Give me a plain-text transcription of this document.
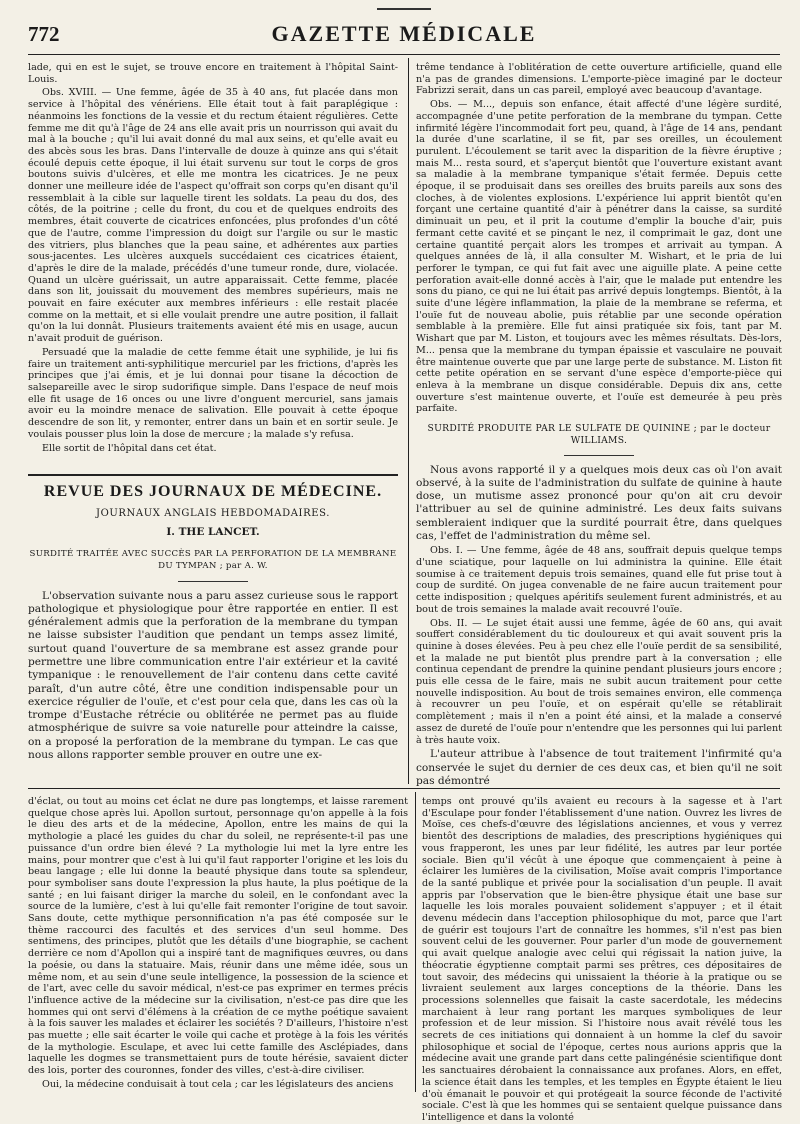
772	GAZETTE MÉDICALE

lade, qui en est le sujet, se trouve encore en traitement à l'hôpital Saint-Louis.

Obs. XVIII. — Une femme, âgée de 35 à 40 ans, fut placée dans mon service à l'hôpital des vénériens. Elle était tout à fait paraplégique : néanmoins les fonctions de la vessie et du rectum étaient régulières. Cette femme me dit qu'à l'âge de 24 ans elle avait pris un nourrisson qui avait du mal à la bouche ; qu'il lui avait donné du mal aux seins, et qu'elle avait eu des abcès sous les bras. Dans l'intervalle de douze à quinze ans qui s'était écoulé depuis cette époque, il lui était survenu sur tout le corps de gros boutons suivis d'ulcères, et elle me montra les cicatrices. Je ne peux donner une meilleure idée de l'aspect qu'offrait son corps qu'en disant qu'il ressemblait à la cible sur laquelle tirent les soldats. La peau du dos, des côtés, de la poitrine ; celle du front, du cou et de quelques endroits des membres, était couverte de cicatrices enfoncées, plus profondes d'un côté que de l'autre, comme l'impression du doigt sur l'argile ou sur le mastic des vitriers, plus blanches que la peau saine, et adhérentes aux parties sous-jacentes. Les ulcères auxquels succédaient ces cicatrices étaient, d'après le dire de la malade, précédés d'une tumeur ronde, dure, violacée. Quand un ulcère guérissait, un autre apparaissait. Cette femme, placée dans son lit, jouissait du mouvement des membres supérieurs, mais ne pouvait en faire exécuter aux membres inférieurs : elle restait placée comme on la mettait, et si elle voulait prendre une autre position, il fallait qu'on la lui donnât. Plusieurs traitements avaient été mis en usage, aucun n'avait produit de guérison.

Persuadé que la maladie de cette femme était une syphilide, je lui fis faire un traitement anti-syphilitique mercuriel par les frictions, d'après les principes que j'ai émis, et je lui donnai pour tisane la décoction de salsepareille avec le sirop sudorifique simple. Dans l'espace de neuf mois elle fit usage de 16 onces ou une livre d'onguent mercuriel, sans jamais avoir eu la moindre menace de salivation. Elle pouvait à cette époque descendre de son lit, y remonter, entrer dans un bain et en sortir seule. Je voulais pousser plus loin la dose de mercure ; la malade s'y refusa.

Elle sortit de l'hôpital dans cet état.

REVUE DES JOURNAUX DE MÉDECINE.
JOURNAUX ANGLAIS HEBDOMADAIRES.
I. THE LANCET.
SURDITÉ TRAITÉE AVEC SUCCÈS PAR LA PERFORATION DE LA MEMBRANE DU TYMPAN ; par A. W.

L'observation suivante nous a paru assez curieuse sous le rapport pathologique et physiologique pour être rapportée en entier. Il est généralement admis que la perforation de la membrane du tympan ne laisse subsister l'audition que pendant un temps assez limité, surtout quand l'ouverture de sa membrane est assez grande pour permettre une libre communication entre l'air extérieur et la cavité tympanique : le renouvellement de l'air contenu dans cette cavité paraît, d'un autre côté, être une condition indispensable pour un exercice régulier de l'ouïe, et c'est pour cela que, dans les cas où la trompe d'Eustache rétrécie ou oblitérée ne permet pas au fluide atmosphérique de suivre sa voie naturelle pour atteindre la caisse, on a proposé la perforation de la membrane du tympan. Le cas que nous allons rapporter semble prouver en outre une ex-

trême tendance à l'oblitération de cette ouverture artificielle, quand elle n'a pas de grandes dimensions. L'emporte-pièce imaginé par le docteur Fabrizzi serait, dans un cas pareil, employé avec beaucoup d'avantage.

Obs. — M..., depuis son enfance, était affecté d'une légère surdité, accompagnée d'une petite perforation de la membrane du tympan. Cette infirmité légère l'incommodait fort peu, quand, à l'âge de 14 ans, pendant la durée d'une scarlatine, il se fit, par ses oreilles, un écoulement purulent. L'écoulement se tarit avec la disparition de la fièvre éruptive ; mais M... resta sourd, et s'aperçut bientôt que l'ouverture existant avant sa maladie à la membrane tympanique s'était fermée. Depuis cette époque, il se produisait dans ses oreilles des bruits pareils aux sons des cloches, à de violentes explosions. L'expérience lui apprit bientôt qu'en forçant une certaine quantité d'air à pénétrer dans la caisse, sa surdité diminuait un peu, et il prit la coutume d'emplir la bouche d'air, puis fermant cette cavité et se pinçant le nez, il comprimait le gaz, dont une certaine quantité perçait alors les trompes et arrivait au tympan. A quelques années de là, il alla consulter M. Wishart, et le pria de lui perforer le tympan, ce qui fut fait avec une aiguille plate. A peine cette perforation avait-elle donné accès à l'air, que le malade put entendre les sons du piano, ce qui ne lui était pas arrivé depuis longtemps. Bientôt, à la suite d'une légère inflammation, la plaie de la membrane se referma, et l'ouïe fut de nouveau abolie, puis rétablie par une seconde opération semblable à la première. Elle fut ainsi pratiquée six fois, tant par M. Wishart que par M. Liston, et toujours avec les mêmes résultats. Dès-lors, M... pensa que la membrane du tympan épaissie et vasculaire ne pouvait être maintenue ouverte que par une large perte de substance. M. Liston fit cette petite opération en se servant d'une espèce d'emporte-pièce qui enleva à la membrane un disque considérable. Depuis dix ans, cette ouverture s'est maintenue ouverte, et l'ouïe est demeurée à peu près parfaite.

SURDITÉ PRODUITE PAR LE SULFATE DE QUININE ; par le docteur WILLIAMS.

Nous avons rapporté il y a quelques mois deux cas où l'on avait observé, à la suite de l'administration du sulfate de quinine à haute dose, un mutisme assez prononcé pour qu'on ait cru devoir l'attribuer au sel de quinine administré. Les deux faits suivans sembleraient indiquer que la surdité pourrait être, dans quelques cas, l'effet de l'administration du même sel.

Obs. I. — Une femme, âgée de 48 ans, souffrait depuis quelque temps d'une sciatique, pour laquelle on lui administra la quinine. Elle était soumise à ce traitement depuis trois semaines, quand elle fut prise tout à coup de surdité. On jugea convenable de ne faire aucun traitement pour cette indisposition ; quelques apéritifs seulement furent administrés, et au bout de trois semaines la malade avait recouvré l'ouïe.

Obs. II. — Le sujet était aussi une femme, âgée de 60 ans, qui avait souffert considérablement du tic douloureux et qui avait souvent pris la quinine à doses élevées. Peu à peu chez elle l'ouïe perdit de sa sensibilité, et la malade ne put bientôt plus prendre part à la conversation ; elle continua cependant de prendre la quinine pendant plusieurs jours encore ; puis elle cessa de le faire, mais ne subit aucun traitement pour cette nouvelle indisposition. Au bout de trois semaines environ, elle commença à recouvrer un peu l'ouïe, et on espérait qu'elle se rétablirait complètement ; mais il n'en a point été ainsi, et la malade a conservé assez de dureté de l'ouïe pour n'entendre que les personnes qui lui parlent à très haute voix.

L'auteur attribue à l'absence de tout traitement l'infirmité qu'a conservée le sujet du dernier de ces deux cas, et bien qu'il ne soit pas démontré

d'éclat, ou tout au moins cet éclat ne dure pas longtemps, et laisse rarement quelque chose après lui. Apollon surtout, personnage qu'on appelle à la fois le dieu des arts et de la médecine, Apollon, entre les mains de qui la mythologie a placé les guides du char du soleil, ne représente-t-il pas une puissance d'un ordre bien élevé ? La mythologie lui met la lyre entre les mains, pour montrer que c'est à lui qu'il faut rapporter l'origine et les lois du beau langage ; elle lui donne la beauté physique dans toute sa splendeur, pour symboliser sans doute l'expression la plus haute, la plus poétique de la santé ; en lui faisant diriger la marche du soleil, en le confondant avec la source de la lumière, c'est à lui qu'elle fait remonter l'origine de tout savoir. Sans doute, cette mythique personnification n'a pas été composée sur le thème raccourci des facultés et des services d'un seul homme. Des sentimens, des principes, plutôt que les détails d'une biographie, se cachent derrière ce nom d'Apollon qui a inspiré tant de magnifiques œuvres, ou dans la poésie, ou dans la statuaire. Mais, réunir dans une même idée, sous un même nom, et au sein d'une seule intelligence, la possession de la science et de l'art, avec celle du savoir médical, n'est-ce pas exprimer en termes précis l'influence active de la médecine sur la civilisation, n'est-ce pas dire que les hommes qui ont servi d'élémens à la création de ce mythe poétique savaient à la fois sauver les malades et éclairer les sociétés ? D'ailleurs, l'histoire n'est pas muette ; elle sait écarter le voile qui cache et protège à la fois les vérités de la mythologie. Esculape, et avec lui cette famille des Asclépiades, dans laquelle les dogmes se transmettaient purs de toute hérésie, savaient dicter des lois, porter des couronnes, fonder des villes, c'est-à-dire civiliser.

Oui, la médecine conduisait à tout cela ; car les législateurs des anciens

temps ont prouvé qu'ils avaient eu recours à la sagesse et à l'art d'Esculape pour fonder l'établissement d'une nation. Ouvrez les livres de Moïse, ces chefs-d'œuvre des législations anciennes, et vous y verrez bientôt des descriptions de maladies, des prescriptions hygiéniques qui vous frapperont, les unes par leur fidélité, les autres par leur portée sociale. Bien qu'il vécût à une époque que commençaient à peine à éclairer les lumières de la civilisation, Moïse avait compris l'importance de la santé publique et privée pour la socialisation d'un peuple. Il avait appris par l'observation que le bien-être physique était une base sur laquelle les lois morales pouvaient solidement s'appuyer ; et il était devenu médecin dans l'acception philosophique du mot, parce que l'art de guérir est toujours l'art de connaître les hommes, s'il n'est pas bien souvent celui de les gouverner. Pour parler d'un mode de gouvernement qui avait quelque analogie avec celui qui régissait la nation juive, la théocratie égyptienne comptait parmi ses prêtres, ces dépositaires de tout savoir, des médecins qui unissaient la théorie à la pratique ou se livraient seulement aux larges conceptions de la théorie. Dans les processions solennelles que faisait la caste sacerdotale, les médecins marchaient à leur rang portant les marques symboliques de leur profession et de leur mission. Si l'histoire nous avait révélé tous les secrets de ces initiations qui donnaient à un homme la clef du savoir philosophique et social de l'époque, certes nous aurions appris que la médecine avait une grande part dans cette palingénésie scientifique dont les sanctuaires dérobaient la connaissance aux profanes. Alors, en effet, la science était dans les temples, et les temples en Égypte étaient le lieu d'où émanait le pouvoir et qui protégeait la source féconde de l'activité sociale. C'est là que les hommes qui se sentaient quelque puissance dans l'intelligence et dans la volonté
